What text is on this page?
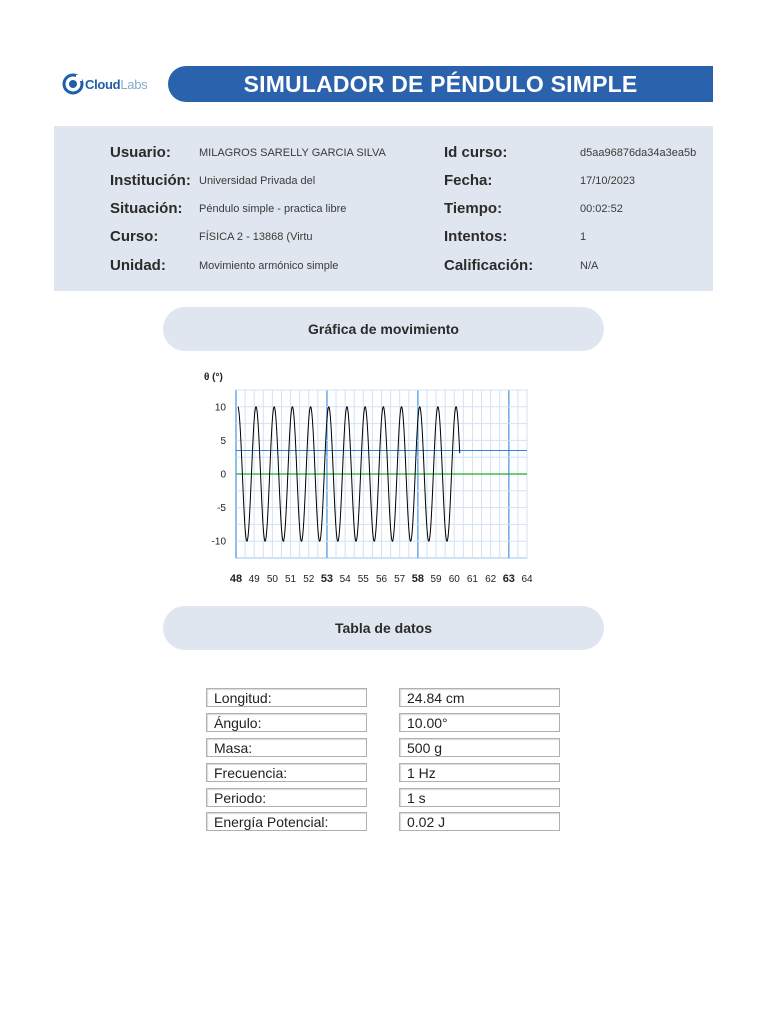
CloudLabs	SIMULADOR DE PÉNDULO SIMPLE
Usuario:	MILAGROS SARELLY GARCIA SILVA	Id curso:	d5aa96876da34a3ea5b
Institución: Universidad Privada del	Fecha:	17/10/2023
Situación: Péndulo simple - practica libre	Tiempo:	00:02:52
Curso:	FÍSICA 2 - 13868 (Virtu	Intentos:	1
Unidad:	Movimiento armónico simple	Calificación:	N/A
Gráfica de movimiento
10
5
0
-5
-10
48 49 50 51 52 53 54 55 56 57 58 59 60 61 62 63 64
θ (°)
Tabla de datos
Longitud:	24.84 cm
Ángulo:	10.00°
Masa:	500 g
Frecuencia:	1 Hz
Periodo:	1 s
Energía Potencial:	0.02 J
